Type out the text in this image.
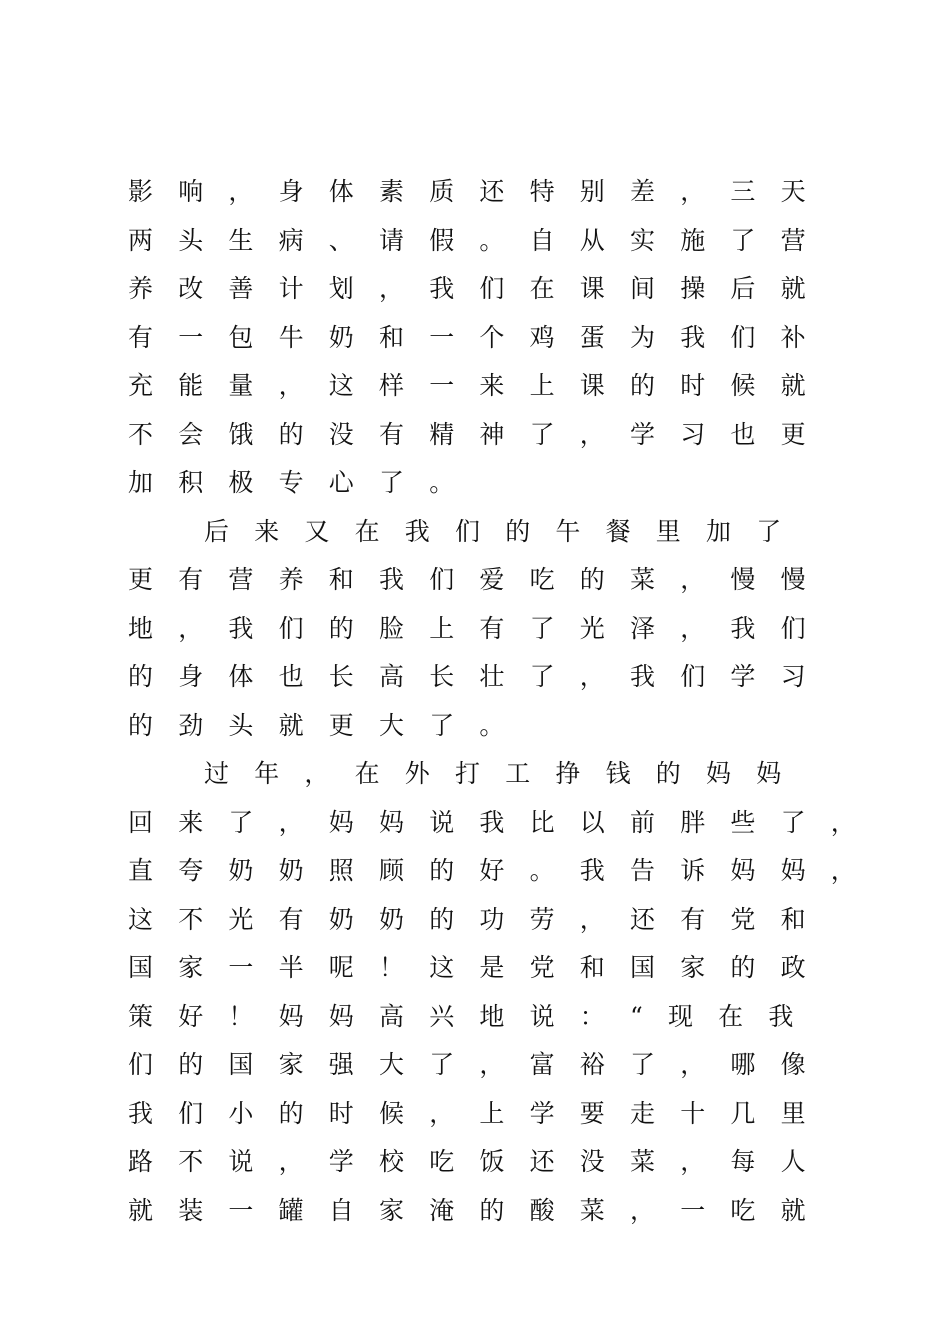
影响，身体素质还特别差，三天
两头生病、请假。自从实施了营
养改善计划，我们在课间操后就
有一包牛奶和一个鸡蛋为我们补
充能量，这样一来上课的时候就
不会饿的没有精神了，学习也更
加积极专心了。
后来又在我们的午餐里加了
更有营养和我们爱吃的菜，慢慢
地，我们的脸上有了光泽，我们
的身体也长高长壮了，我们学习
的劲头就更大了。
过年，在外打工挣钱的妈妈
回来了，妈妈说我比以前胖些了，
直夸奶奶照顾的好。我告诉妈妈，
这不光有奶奶的功劳，还有党和
国家一半呢！这是党和国家的政
策好！妈妈高兴地说：“现在我
们的国家强大了，富裕了，哪像
我们小的时候，上学要走十几里
路不说，学校吃饭还没菜，每人
就装一罐自家淹的酸菜，一吃就
